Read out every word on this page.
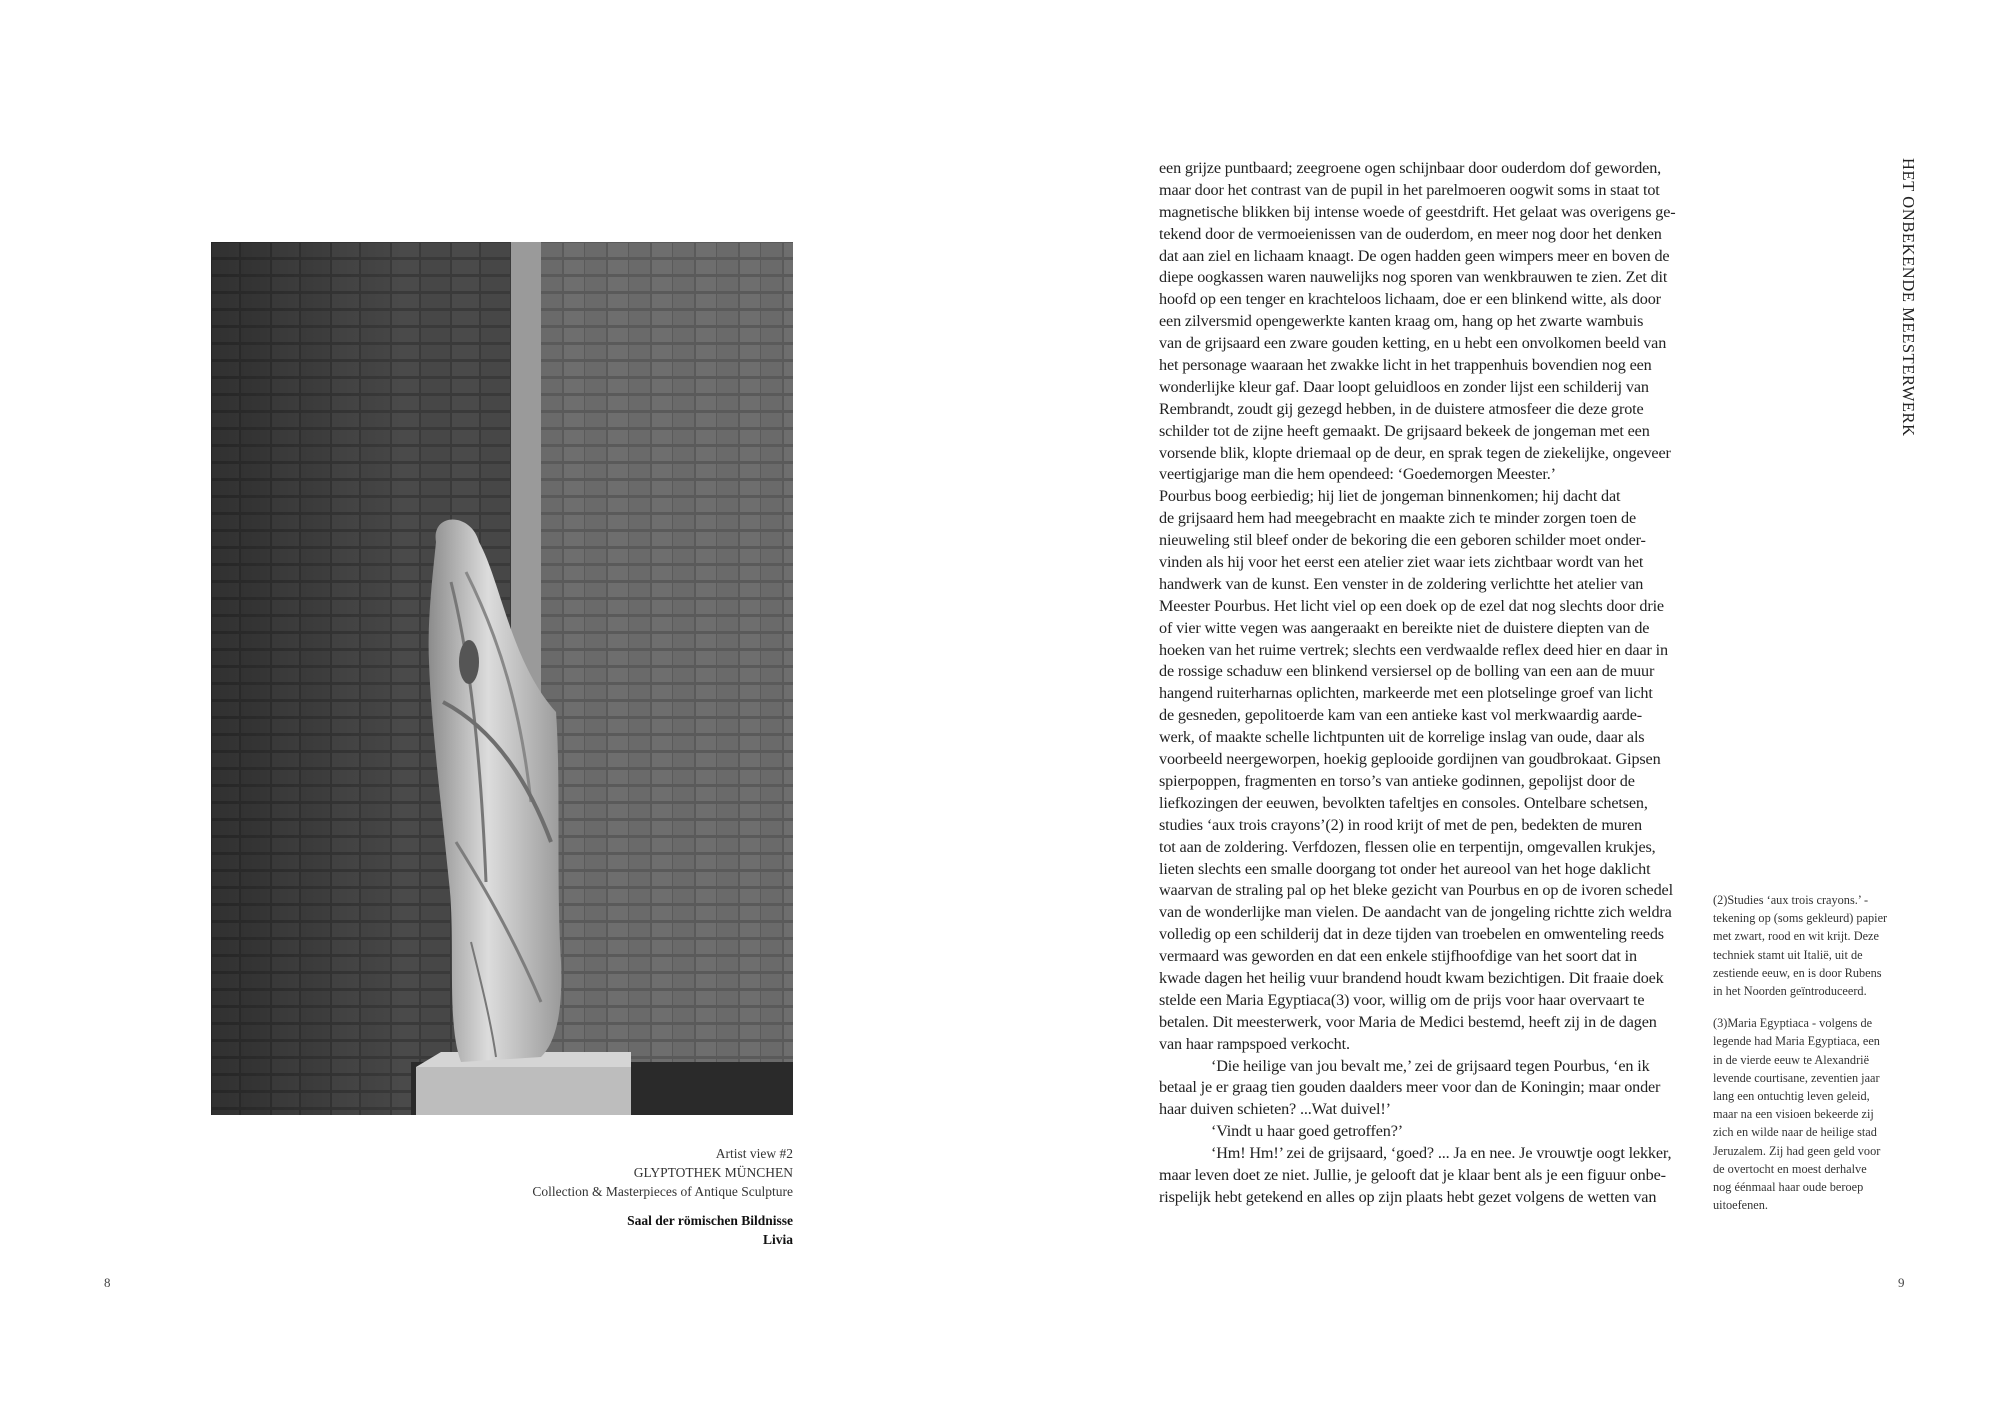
Artist view #2
GLYPTOTHEK MÜNCHEN
Collection & Masterpieces of Antique Sculpture
Saal der römischen Bildnisse
Livia
8
een grijze puntbaard; zeegroene ogen schijnbaar door ouderdom dof geworden,
maar door het contrast van de pupil in het parelmoeren oogwit soms in staat tot
magnetische blikken bij intense woede of geestdrift. Het gelaat was overigens ge-
tekend door de vermoeienissen van de ouderdom, en meer nog door het denken
dat aan ziel en lichaam knaagt. De ogen hadden geen wimpers meer en boven de
diepe oogkassen waren nauwelijks nog sporen van wenkbrauwen te zien. Zet dit
hoofd op een tenger en krachteloos lichaam, doe er een blinkend witte, als door
een zilversmid opengewerkte kanten kraag om, hang op het zwarte wambuis
van de grijsaard een zware gouden ketting, en u hebt een onvolkomen beeld van
het personage waaraan het zwakke licht in het trappenhuis bovendien nog een
wonderlijke kleur gaf. Daar loopt geluidloos en zonder lijst een schilderij van
Rembrandt, zoudt gij gezegd hebben, in de duistere atmosfeer die deze grote
schilder tot de zijne heeft gemaakt. De grijsaard bekeek de jongeman met een
vorsende blik, klopte driemaal op de deur, en sprak tegen de ziekelijke, ongeveer
veertigjarige man die hem opendeed: ‘Goedemorgen Meester.’
Pourbus boog eerbiedig; hij liet de jongeman binnenkomen; hij dacht dat
de grijsaard hem had meegebracht en maakte zich te minder zorgen toen de
nieuweling stil bleef onder de bekoring die een geboren schilder moet onder-
vinden als hij voor het eerst een atelier ziet waar iets zichtbaar wordt van het
handwerk van de kunst. Een venster in de zoldering verlichtte het atelier van
Meester Pourbus. Het licht viel op een doek op de ezel dat nog slechts door drie
of vier witte vegen was aangeraakt en bereikte niet de duistere diepten van de
hoeken van het ruime vertrek; slechts een verdwaalde reflex deed hier en daar in
de rossige schaduw een blinkend versiersel op de bolling van een aan de muur
hangend ruiterharnas oplichten, markeerde met een plotselinge groef van licht
de gesneden, gepolitoerde kam van een antieke kast vol merkwaardig aarde-
werk, of maakte schelle lichtpunten uit de korrelige inslag van oude, daar als
voorbeeld neergeworpen, hoekig geplooide gordijnen van goudbrokaat. Gipsen
spierpoppen, fragmenten en torso’s van antieke godinnen, gepolijst door de
liefkozingen der eeuwen, bevolkten tafeltjes en consoles. Ontelbare schetsen,
studies ‘aux trois crayons’(2) in rood krijt of met de pen, bedekten de muren
tot aan de zoldering. Verfdozen, flessen olie en terpentijn, omgevallen krukjes,
lieten slechts een smalle doorgang tot onder het aureool van het hoge daklicht
waarvan de straling pal op het bleke gezicht van Pourbus en op de ivoren schedel
van de wonderlijke man vielen. De aandacht van de jongeling richtte zich weldra
volledig op een schilderij dat in deze tijden van troebelen en omwenteling reeds
vermaard was geworden en dat een enkele stijfhoofdige van het soort dat in
kwade dagen het heilig vuur brandend houdt kwam bezichtigen. Dit fraaie doek
stelde een Maria Egyptiaca(3) voor, willig om de prijs voor haar overvaart te
betalen. Dit meesterwerk, voor Maria de Medici bestemd, heeft zij in de dagen
van haar rampspoed verkocht.
‘Die heilige van jou bevalt me,’ zei de grijsaard tegen Pourbus, ‘en ik
betaal je er graag tien gouden daalders meer voor dan de Koningin; maar onder
haar duiven schieten? ...Wat duivel!’
‘Vindt u haar goed getroffen?’
‘Hm! Hm!’ zei de grijsaard, ‘goed? ... Ja en nee. Je vrouwtje oogt lekker,
maar leven doet ze niet. Jullie, je gelooft dat je klaar bent als je een figuur onbe-
rispelijk hebt getekend en alles op zijn plaats hebt gezet volgens de wetten van
(2)Studies ‘aux trois crayons.’ -
tekening op (soms gekleurd) papier
met zwart, rood en wit krijt. Deze
techniek stamt uit Italië, uit de
zestiende eeuw, en is door Rubens
in het Noorden geïntroduceerd.
(3)Maria Egyptiaca - volgens de
legende had Maria Egyptiaca, een
in de vierde eeuw te Alexandrië
levende courtisane, zeventien jaar
lang een ontuchtig leven geleid,
maar na een visioen bekeerde zij
zich en wilde naar de heilige stad
Jeruzalem. Zij had geen geld voor
de overtocht en moest derhalve
nog éénmaal haar oude beroep
uitoefenen.
HET ONBEKENDE MEESTERWERK
9
